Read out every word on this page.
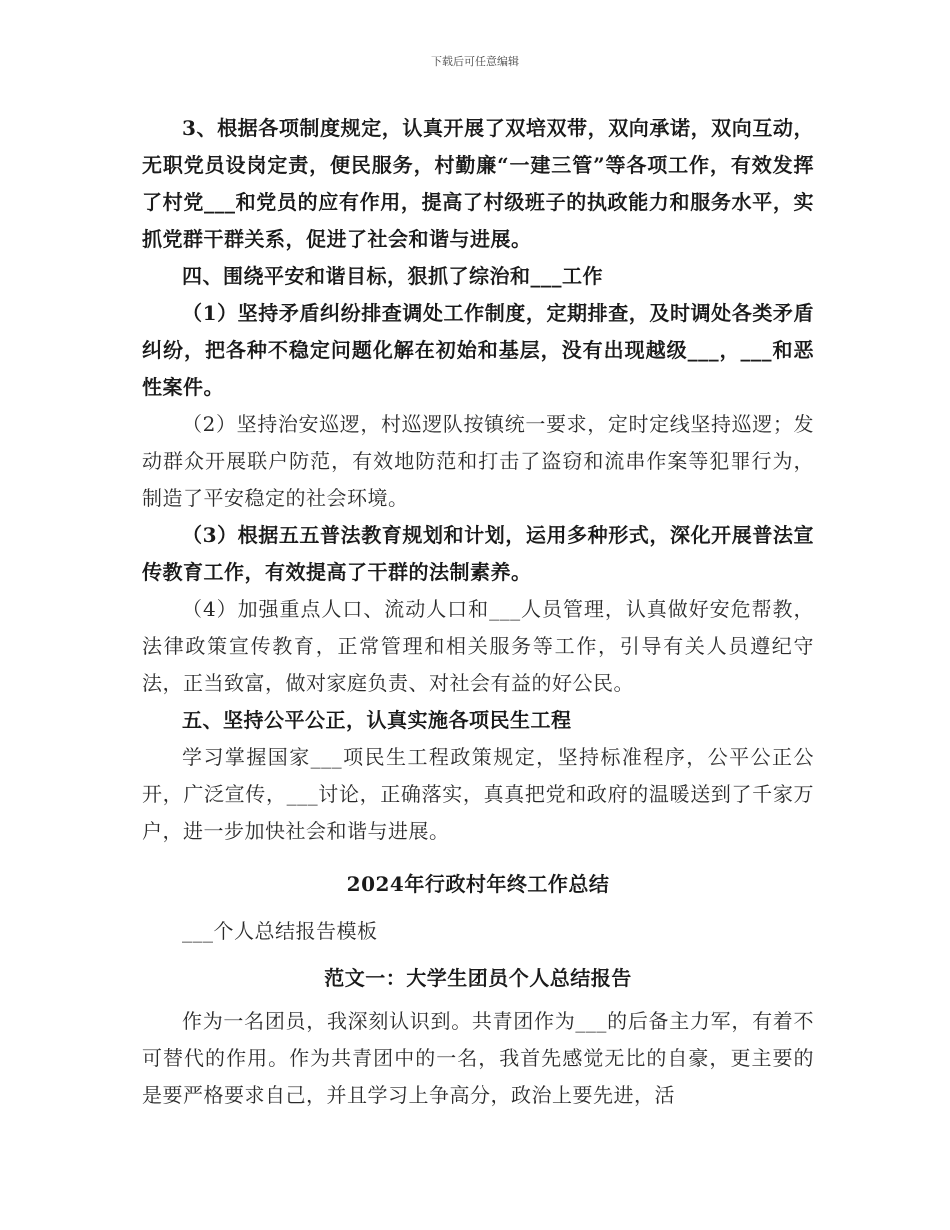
下载后可任意编辑

3、根据各项制度规定，认真开展了双培双带，双向承诺，双向互动，无职党员设岗定责，便民服务，村勤廉“一建三管”等各项工作，有效发挥了村党___和党员的应有作用，提高了村级班子的执政能力和服务水平，实抓党群干群关系，促进了社会和谐与进展。

四、围绕平安和谐目标，狠抓了综治和___工作

（1）坚持矛盾纠纷排查调处工作制度，定期排查，及时调处各类矛盾纠纷，把各种不稳定问题化解在初始和基层，没有出现越级___，___和恶性案件。

（2）坚持治安巡逻，村巡逻队按镇统一要求，定时定线坚持巡逻；发动群众开展联户防范，有效地防范和打击了盗窃和流串作案等犯罪行为，制造了平安稳定的社会环境。

（3）根据五五普法教育规划和计划，运用多种形式，深化开展普法宣传教育工作，有效提高了干群的法制素养。

（4）加强重点人口、流动人口和___人员管理，认真做好安危帮教，法律政策宣传教育，正常管理和相关服务等工作，引导有关人员遵纪守法，正当致富，做对家庭负责、对社会有益的好公民。

五、坚持公平公正，认真实施各项民生工程

学习掌握国家___项民生工程政策规定，坚持标准程序，公平公正公开，广泛宣传，___讨论，正确落实，真真把党和政府的温暖送到了千家万户，进一步加快社会和谐与进展。

2024年行政村年终工作总结

___个人总结报告模板

范文一：大学生团员个人总结报告

作为一名团员，我深刻认识到。共青团作为___的后备主力军，有着不可替代的作用。作为共青团中的一名，我首先感觉无比的自豪，更主要的是要严格要求自己，并且学习上争高分，政治上要先进，活
